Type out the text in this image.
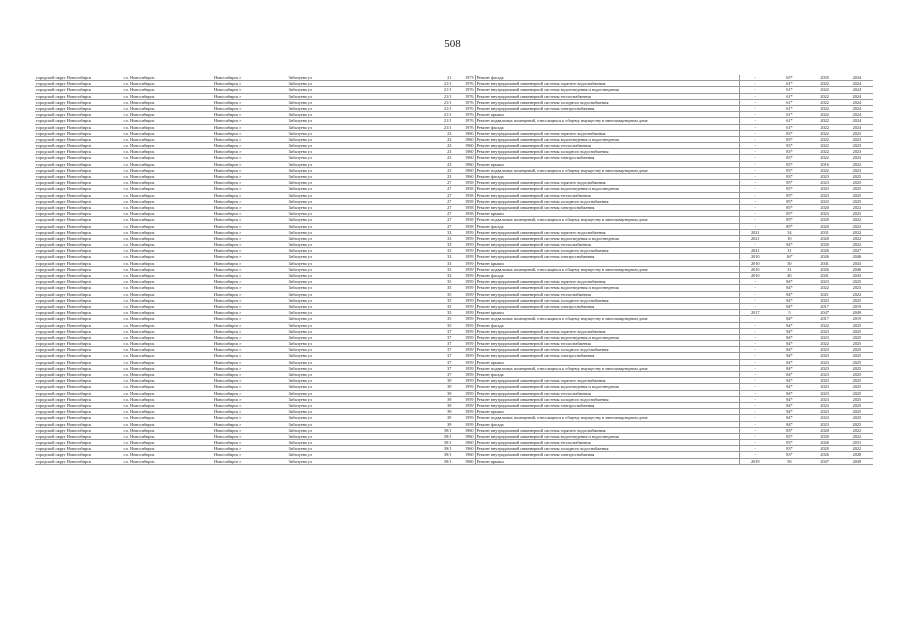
508
городской округ Новосибирск	г.о. Новосибирск	Новосибирск г	Забалуева ул	21	1973	Ремонт фасада	-	65*	2035	2034
городской округ Новосибирск	г.о. Новосибирск	Новосибирск г	Забалуева ул	21/1	1976	Ремонт внутридомовой инженерной системы горячего водоснабжения	-	61*	2022	2024
городской округ Новосибирск	г.о. Новосибирск	Новосибирск г	Забалуева ул	21/1	1976	Ремонт внутридомовой инженерной системы водоотведения и водоотведения	-	61*	2022	2024
городской округ Новосибирск	г.о. Новосибирск	Новосибирск г	Забалуева ул	21/1	1976	Ремонт внутридомовой инженерной системы теплоснабжения	-	61*	2022	2024
городской округ Новосибирск	г.о. Новосибирск	Новосибирск г	Забалуева ул	21/1	1976	Ремонт внутридомовой инженерной системы холодного водоснабжения	-	61*	2022	2024
городской округ Новосибирск	г.о. Новосибирск	Новосибирск г	Забалуева ул	21/1	1976	Ремонт внутридомовой инженерной системы электроснабжения	-	61*	2022	2024
городской округ Новосибирск	г.о. Новосибирск	Новосибирск г	Забалуева ул	21/1	1976	Ремонт крыши	-	61*	2022	2024
городской округ Новосибирск	г.о. Новосибирск	Новосибирск г	Забалуева ул	21/1	1976	Ремонт подвальных помещений, относящихся к общему имуществу в многоквартирном доме	-	61*	2022	2024
городской округ Новосибирск	г.о. Новосибирск	Новосибирск г	Забалуева ул	21/1	1976	Ремонт фасада	-	61*	2022	2024
городской округ Новосибирск	г.о. Новосибирск	Новосибирск г	Забалуева ул	23	1960	Ремонт внутридомовой инженерной системы горячего водоснабжения	-	83*	2022	2023
городской округ Новосибирск	г.о. Новосибирск	Новосибирск г	Забалуева ул	23	1960	Ремонт внутридомовой инженерной системы водоотведения и водоотведения	-	83*	2022	2023
городской округ Новосибирск	г.о. Новосибирск	Новосибирск г	Забалуева ул	23	1960	Ремонт внутридомовой инженерной системы теплоснабжения	-	83*	2022	2023
городской округ Новосибирск	г.о. Новосибирск	Новосибирск г	Забалуева ул	23	1960	Ремонт внутридомовой инженерной системы холодного водоснабжения	-	83*	2022	2023
городской округ Новосибирск	г.о. Новосибирск	Новосибирск г	Забалуева ул	23	1960	Ремонт внутридомовой инженерной системы электроснабжения	-	83*	2022	2023
городской округ Новосибирск	г.о. Новосибирск	Новосибирск г	Забалуева ул	23	1960	Ремонт крыши	-	83*	2016	2022
городской округ Новосибирск	г.о. Новосибирск	Новосибирск г	Забалуева ул	23	1960	Ремонт подвальных помещений, относящихся к общему имуществу в многоквартирном доме	-	83*	2022	2023
городской округ Новосибирск	г.о. Новосибирск	Новосибирск г	Забалуева ул	23	1960	Ремонт фасада	-	83*	2023	2025
городской округ Новосибирск	г.о. Новосибирск	Новосибирск г	Забалуева ул	27	1958	Ремонт внутридомовой инженерной системы горячего водоснабжения	-	85*	2023	2025
городской округ Новосибирск	г.о. Новосибирск	Новосибирск г	Забалуева ул	27	1958	Ремонт внутридомовой инженерной системы водоотведения и водоотведения	-	85*	2023	2025
городской округ Новосибирск	г.о. Новосибирск	Новосибирск г	Забалуева ул	27	1958	Ремонт внутридомовой инженерной системы теплоснабжения	-	85*	2023	2025
городской округ Новосибирск	г.о. Новосибирск	Новосибирск г	Забалуева ул	27	1958	Ремонт внутридомовой инженерной системы холодного водоснабжения	-	85*	2023	2025
городской округ Новосибирск	г.о. Новосибирск	Новосибирск г	Забалуева ул	27	1958	Ремонт внутридомовой инженерной системы электроснабжения	-	85*	2020	2022
городской округ Новосибирск	г.о. Новосибирск	Новосибирск г	Забалуева ул	27	1958	Ремонт крыши	-	85*	2023	2025
городской округ Новосибирск	г.о. Новосибирск	Новосибирск г	Забалуева ул	27	1958	Ремонт подвальных помещений, относящихся к общему имуществу в многоквартирном доме	-	85*	2020	2022
городской округ Новосибирск	г.о. Новосибирск	Новосибирск г	Забалуева ул	27	1958	Ремонт фасада	-	85*	2020	2022
городской округ Новосибирск	г.о. Новосибирск	Новосибирск г	Забалуева ул	33	1959	Ремонт внутридомовой инженерной системы горячего водоснабжения	2021	34	2031	2032
городской округ Новосибирск	г.о. Новосибирск	Новосибирск г	Забалуева ул	33	1959	Ремонт внутридомовой инженерной системы водоотведения и водоотведения	2021	10	2020	2022
городской округ Новосибирск	г.о. Новосибирск	Новосибирск г	Забалуева ул	33	1959	Ремонт внутридомовой инженерной системы теплоснабжения	-	84*	2020	2022
городской округ Новосибирск	г.о. Новосибирск	Новосибирск г	Забалуева ул	33	1959	Ремонт внутридомовой инженерной системы холодного водоснабжения	2021	31	2026	2027
городской округ Новосибирск	г.о. Новосибирск	Новосибирск г	Забалуева ул	33	1959	Ремонт внутридомовой инженерной системы электроснабжения	2010	16*	2026	2046
городской округ Новосибирск	г.о. Новосибирск	Новосибирск г	Забалуева ул	33	1959	Ремонт крыши	2010	30	2041	2043
городской округ Новосибирск	г.о. Новосибирск	Новосибирск г	Забалуева ул	33	1959	Ремонт подвальных помещений, относящихся к общему имуществу в многоквартирном доме	2010	31	2026	2046
городской округ Новосибирск	г.о. Новосибирск	Новосибирск г	Забалуева ул	33	1959	Ремонт фасада	2010	40	2041	2043
городской округ Новосибирск	г.о. Новосибирск	Новосибирск г	Забалуева ул	35	1959	Ремонт внутридомовой инженерной системы горячего водоснабжения	-	84*	2023	2025
городской округ Новосибирск	г.о. Новосибирск	Новосибирск г	Забалуева ул	35	1959	Ремонт внутридомовой инженерной системы водоотведения и водоотведения	-	84*	2022	2023
городской округ Новосибирск	г.о. Новосибирск	Новосибирск г	Забалуева ул	35	1959	Ремонт внутридомовой инженерной системы теплоснабжения	-	84*	2021	2022
городской округ Новосибирск	г.о. Новосибирск	Новосибирск г	Забалуева ул	35	1959	Ремонт внутридомовой инженерной системы холодного водоснабжения	-	84*	2023	2025
городской округ Новосибирск	г.о. Новосибирск	Новосибирск г	Забалуева ул	35	1959	Ремонт внутридомовой инженерной системы электроснабжения	-	84*	2017	2019
городской округ Новосибирск	г.о. Новосибирск	Новосибирск г	Забалуева ул	35	1959	Ремонт крыши	2017	5	2047	2049
городской округ Новосибирск	г.о. Новосибирск	Новосибирск г	Забалуева ул	35	1959	Ремонт подвальных помещений, относящихся к общему имуществу в многоквартирном доме	-	84*	2017	2019
городской округ Новосибирск	г.о. Новосибирск	Новосибирск г	Забалуева ул	35	1959	Ремонт фасада	-	84*	2022	2025
городской округ Новосибирск	г.о. Новосибирск	Новосибирск г	Забалуева ул	37	1959	Ремонт внутридомовой инженерной системы горячего водоснабжения	-	84*	2023	2025
городской округ Новосибирск	г.о. Новосибирск	Новосибирск г	Забалуева ул	37	1959	Ремонт внутридомовой инженерной системы водоотведения и водоотведения	-	84*	2023	2025
городской округ Новосибирск	г.о. Новосибирск	Новосибирск г	Забалуева ул	37	1959	Ремонт внутридомовой инженерной системы теплоснабжения	-	84*	2022	2025
городской округ Новосибирск	г.о. Новосибирск	Новосибирск г	Забалуева ул	37	1959	Ремонт внутридомовой инженерной системы холодного водоснабжения	-	84*	2023	2025
городской округ Новосибирск	г.о. Новосибирск	Новосибирск г	Забалуева ул	37	1959	Ремонт внутридомовой инженерной системы электроснабжения	-	84*	2023	2025
городской округ Новосибирск	г.о. Новосибирск	Новосибирск г	Забалуева ул	37	1959	Ремонт крыши	-	84*	2023	2025
городской округ Новосибирск	г.о. Новосибирск	Новосибирск г	Забалуева ул	37	1959	Ремонт подвальных помещений, относящихся к общему имуществу в многоквартирном доме	-	84*	2023	2025
городской округ Новосибирск	г.о. Новосибирск	Новосибирск г	Забалуева ул	37	1959	Ремонт фасада	-	84*	2023	2025
городской округ Новосибирск	г.о. Новосибирск	Новосибирск г	Забалуева ул	39	1959	Ремонт внутридомовой инженерной системы горячего водоснабжения	-	84*	2023	2025
городской округ Новосибирск	г.о. Новосибирск	Новосибирск г	Забалуева ул	39	1959	Ремонт внутридомовой инженерной системы водоотведения и водоотведения	-	84*	2023	2025
городской округ Новосибирск	г.о. Новосибирск	Новосибирск г	Забалуева ул	39	1959	Ремонт внутридомовой инженерной системы теплоснабжения	-	84*	2023	2025
городской округ Новосибирск	г.о. Новосибирск	Новосибирск г	Забалуева ул	39	1959	Ремонт внутридомовой инженерной системы холодного водоснабжения	-	84*	2023	2025
городской округ Новосибирск	г.о. Новосибирск	Новосибирск г	Забалуева ул	39	1959	Ремонт внутридомовой инженерной системы электроснабжения	-	84*	2023	2025
городской округ Новосибирск	г.о. Новосибирск	Новосибирск г	Забалуева ул	39	1959	Ремонт крыши	-	84*	2023	2025
городской округ Новосибирск	г.о. Новосибирск	Новосибирск г	Забалуева ул	39	1959	Ремонт подвальных помещений, относящихся к общему имуществу в многоквартирном доме	-	84*	2023	2025
городской округ Новосибирск	г.о. Новосибирск	Новосибирск г	Забалуева ул	39	1959	Ремонт фасада	-	84*	2023	2025
городской округ Новосибирск	г.о. Новосибирск	Новосибирск г	Забалуева ул	39/1	1960	Ремонт внутридомовой инженерной системы горячего водоснабжения	-	83*	2020	2022
городской округ Новосибирск	г.о. Новосибирск	Новосибирск г	Забалуева ул	39/1	1960	Ремонт внутридомовой инженерной системы водоотведения и водоотведения	-	83*	2020	2022
городской округ Новосибирск	г.о. Новосибирск	Новосибирск г	Забалуева ул	39/1	1960	Ремонт внутридомовой инженерной системы теплоснабжения	-	83*	2026	2031
городской округ Новосибирск	г.о. Новосибирск	Новосибирск г	Забалуева ул	39/1	1960	Ремонт внутридомовой инженерной системы холодного водоснабжения	-	83*	2020	2022
городской округ Новосибирск	г.о. Новосибирск	Новосибирск г	Забалуева ул	39/1	1960	Ремонт внутридомовой инженерной системы электроснабжения	-	83*	2026	2028
городской округ Новосибирск	г.о. Новосибирск	Новосибирск г	Забалуева ул	39/1	1960	Ремонт крыши	2019	50	2047	2049
